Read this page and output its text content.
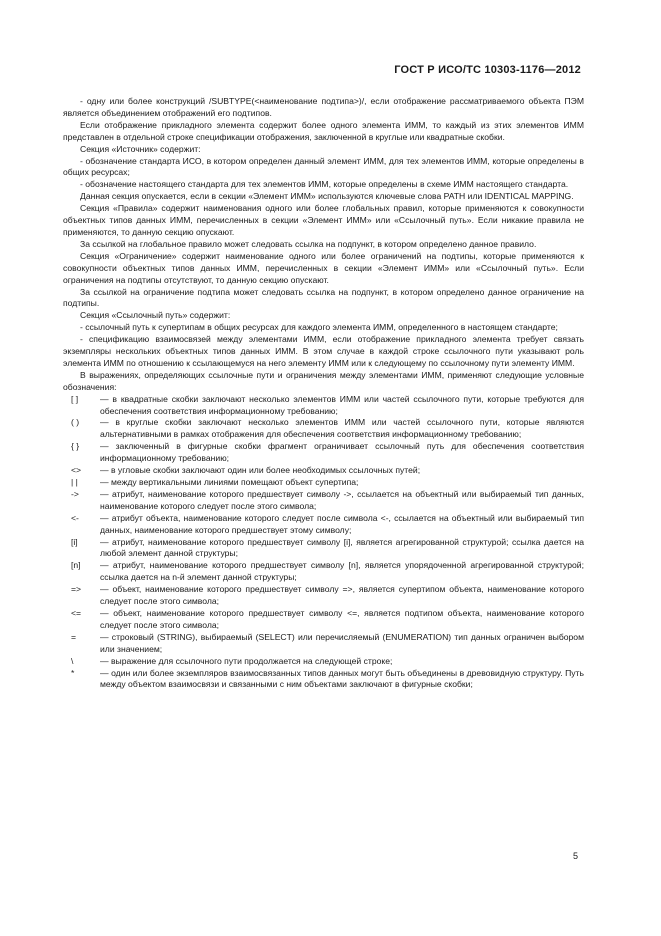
ГОСТ Р ИСО/ТС 10303-1176—2012

- одну или более конструкций /SUBTYPE(<наименование подтипа>)/, если отображение рассматриваемого объекта ПЭМ является объединением отображений его подтипов.

Если отображение прикладного элемента содержит более одного элемента ИММ, то каждый из этих элементов ИММ представлен в отдельной строке спецификации отображения, заключенной в круглые или квадратные скобки.

Секция «Источник» содержит:

- обозначение стандарта ИСО, в котором определен данный элемент ИММ, для тех элементов ИММ, которые определены в общих ресурсах;

- обозначение настоящего стандарта для тех элементов ИММ, которые определены в схеме ИММ настоящего стандарта.

Данная секция опускается, если в секции «Элемент ИММ» используются ключевые слова PATH или IDENTICAL MAPPING.

Секция «Правила» содержит наименования одного или более глобальных правил, которые применяются к совокупности объектных типов данных ИММ, перечисленных в секции «Элемент ИММ» или «Ссылочный путь». Если никакие правила не применяются, то данную секцию опускают.

За ссылкой на глобальное правило может следовать ссылка на подпункт, в котором определено данное правило.

Секция «Ограничение» содержит наименование одного или более ограничений на подтипы, которые применяются к совокупности объектных типов данных ИММ, перечисленных в секции «Элемент ИММ» или «Ссылочный путь». Если ограничения на подтипы отсутствуют, то данную секцию опускают.

За ссылкой на ограничение подтипа может следовать ссылка на подпункт, в котором определено данное ограничение на подтипы.

Секция «Ссылочный путь» содержит:

- ссылочный путь к супертипам в общих ресурсах для каждого элемента ИММ, определенного в настоящем стандарте;

- спецификацию взаимосвязей между элементами ИММ, если отображение прикладного элемента требует связать экземпляры нескольких объектных типов данных ИММ. В этом случае в каждой строке ссылочного пути указывают роль элемента ИММ по отношению к ссылающемуся на него элементу ИММ или к следующему по ссылочному пути элементу ИММ.

В выражениях, определяющих ссылочные пути и ограничения между элементами ИММ, применяют следующие условные обозначения:

[ ]	— в квадратные скобки заключают несколько элементов ИММ или частей ссылочного пути, которые требуются для обеспечения соответствия информационному требованию;
( )	— в круглые скобки заключают несколько элементов ИММ или частей ссылочного пути, которые являются альтернативными в рамках отображения для обеспечения соответствия информационному требованию;
{ }	— заключенный в фигурные скобки фрагмент ограничивает ссылочный путь для обеспечения соответствия информационному требованию;
<>	— в угловые скобки заключают один или более необходимых ссылочных путей;
| |	— между вертикальными линиями помещают объект супертипа;
->	— атрибут, наименование которого предшествует символу ->, ссылается на объектный или выбираемый тип данных, наименование которого следует после этого символа;
<-	— атрибут объекта, наименование которого следует после символа <-, ссылается на объектный или выбираемый тип данных, наименование которого предшествует этому символу;
[i]	— атрибут, наименование которого предшествует символу [i], является агрегированной структурой; ссылка дается на любой элемент данной структуры;
[n]	— атрибут, наименование которого предшествует символу [n], является упорядоченной агрегированной структурой; ссылка дается на n-й элемент данной структуры;
=>	— объект, наименование которого предшествует символу =>, является супертипом объекта, наименование которого следует после этого символа;
<=	— объект, наименование которого предшествует символу <=, является подтипом объекта, наименование которого следует после этого символа;
=	— строковый (STRING), выбираемый (SELECT) или перечисляемый (ENUMERATION) тип данных ограничен выбором или значением;
\	— выражение для ссылочного пути продолжается на следующей строке;
*	— один или более экземпляров взаимосвязанных типов данных могут быть объединены в древовидную структуру. Путь между объектом взаимосвязи и связанными с ним объектами заключают в фигурные скобки;
5
